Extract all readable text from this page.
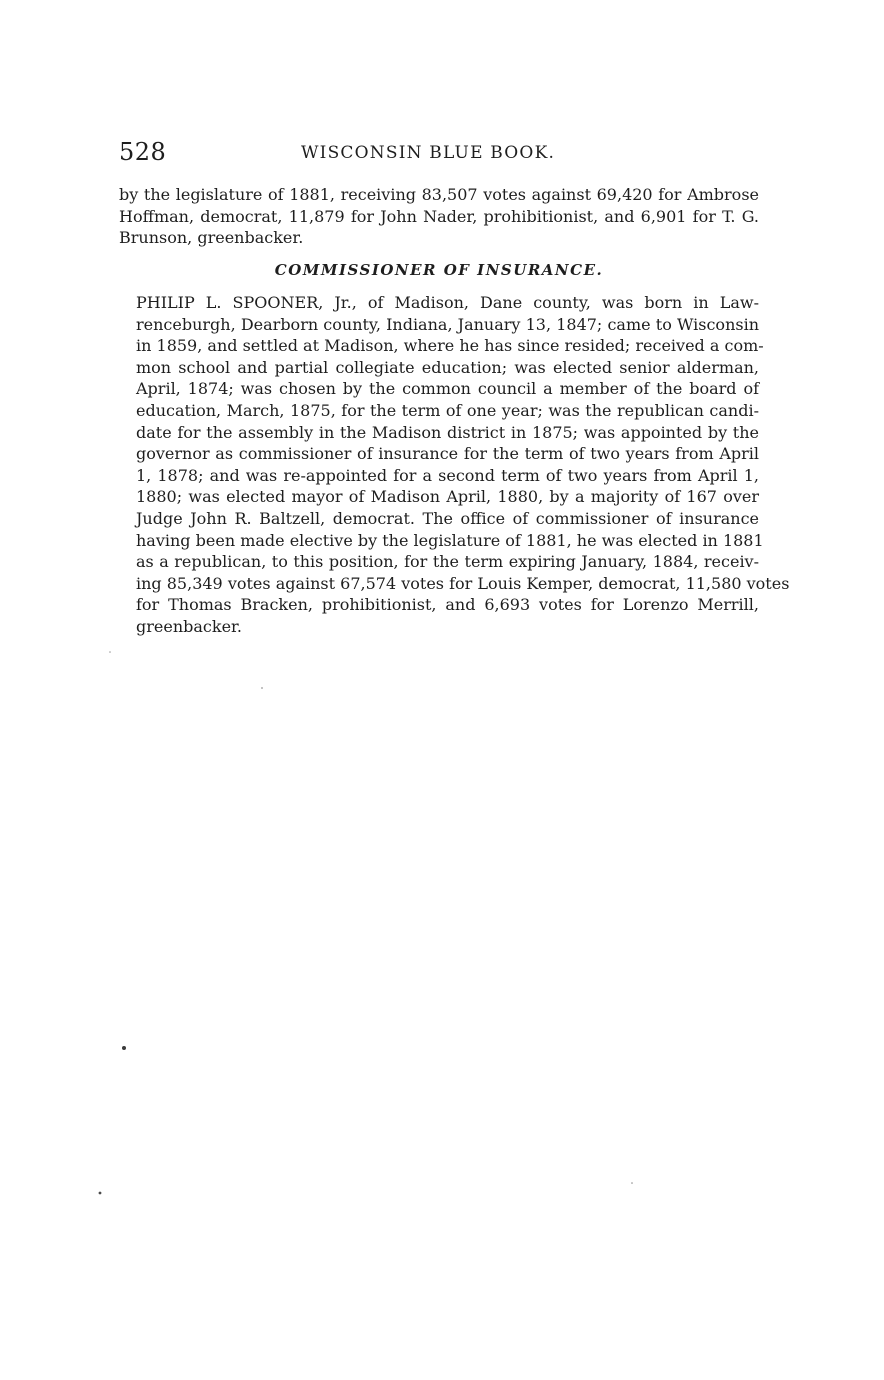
528	WISCONSIN BLUE BOOK.
by the legislature of 1881, receiving 83,507 votes against 69,420 for Ambrose
Hoffman, democrat, 11,879 for John Nader, prohibitionist, and 6,901 for T. G.
Brunson, greenbacker.
COMMISSIONER OF INSURANCE.
PHILIP L. SPOONER, Jr., of Madison, Dane county, was born in Law-
renceburgh, Dearborn county, Indiana, January 13, 1847; came to Wisconsin
in 1859, and settled at Madison, where he has since resided; received a com-
mon school and partial collegiate education; was elected senior alderman,
April, 1874; was chosen by the common council a member of the board of
education, March, 1875, for the term of one year; was the republican candi-
date for the assembly in the Madison district in 1875; was appointed by the
governor as commissioner of insurance for the term of two years from April
1, 1878; and was re-appointed for a second term of two years from April 1,
1880; was elected mayor of Madison April, 1880, by a majority of 167 over
Judge John R. Baltzell, democrat. The office of commissioner of insurance
having been made elective by the legislature of 1881, he was elected in 1881
as a republican, to this position, for the term expiring January, 1884, receiv-
ing 85,349 votes against 67,574 votes for Louis Kemper, democrat, 11,580 votes
for Thomas Bracken, prohibitionist, and 6,693 votes for Lorenzo Merrill,
greenbacker.
